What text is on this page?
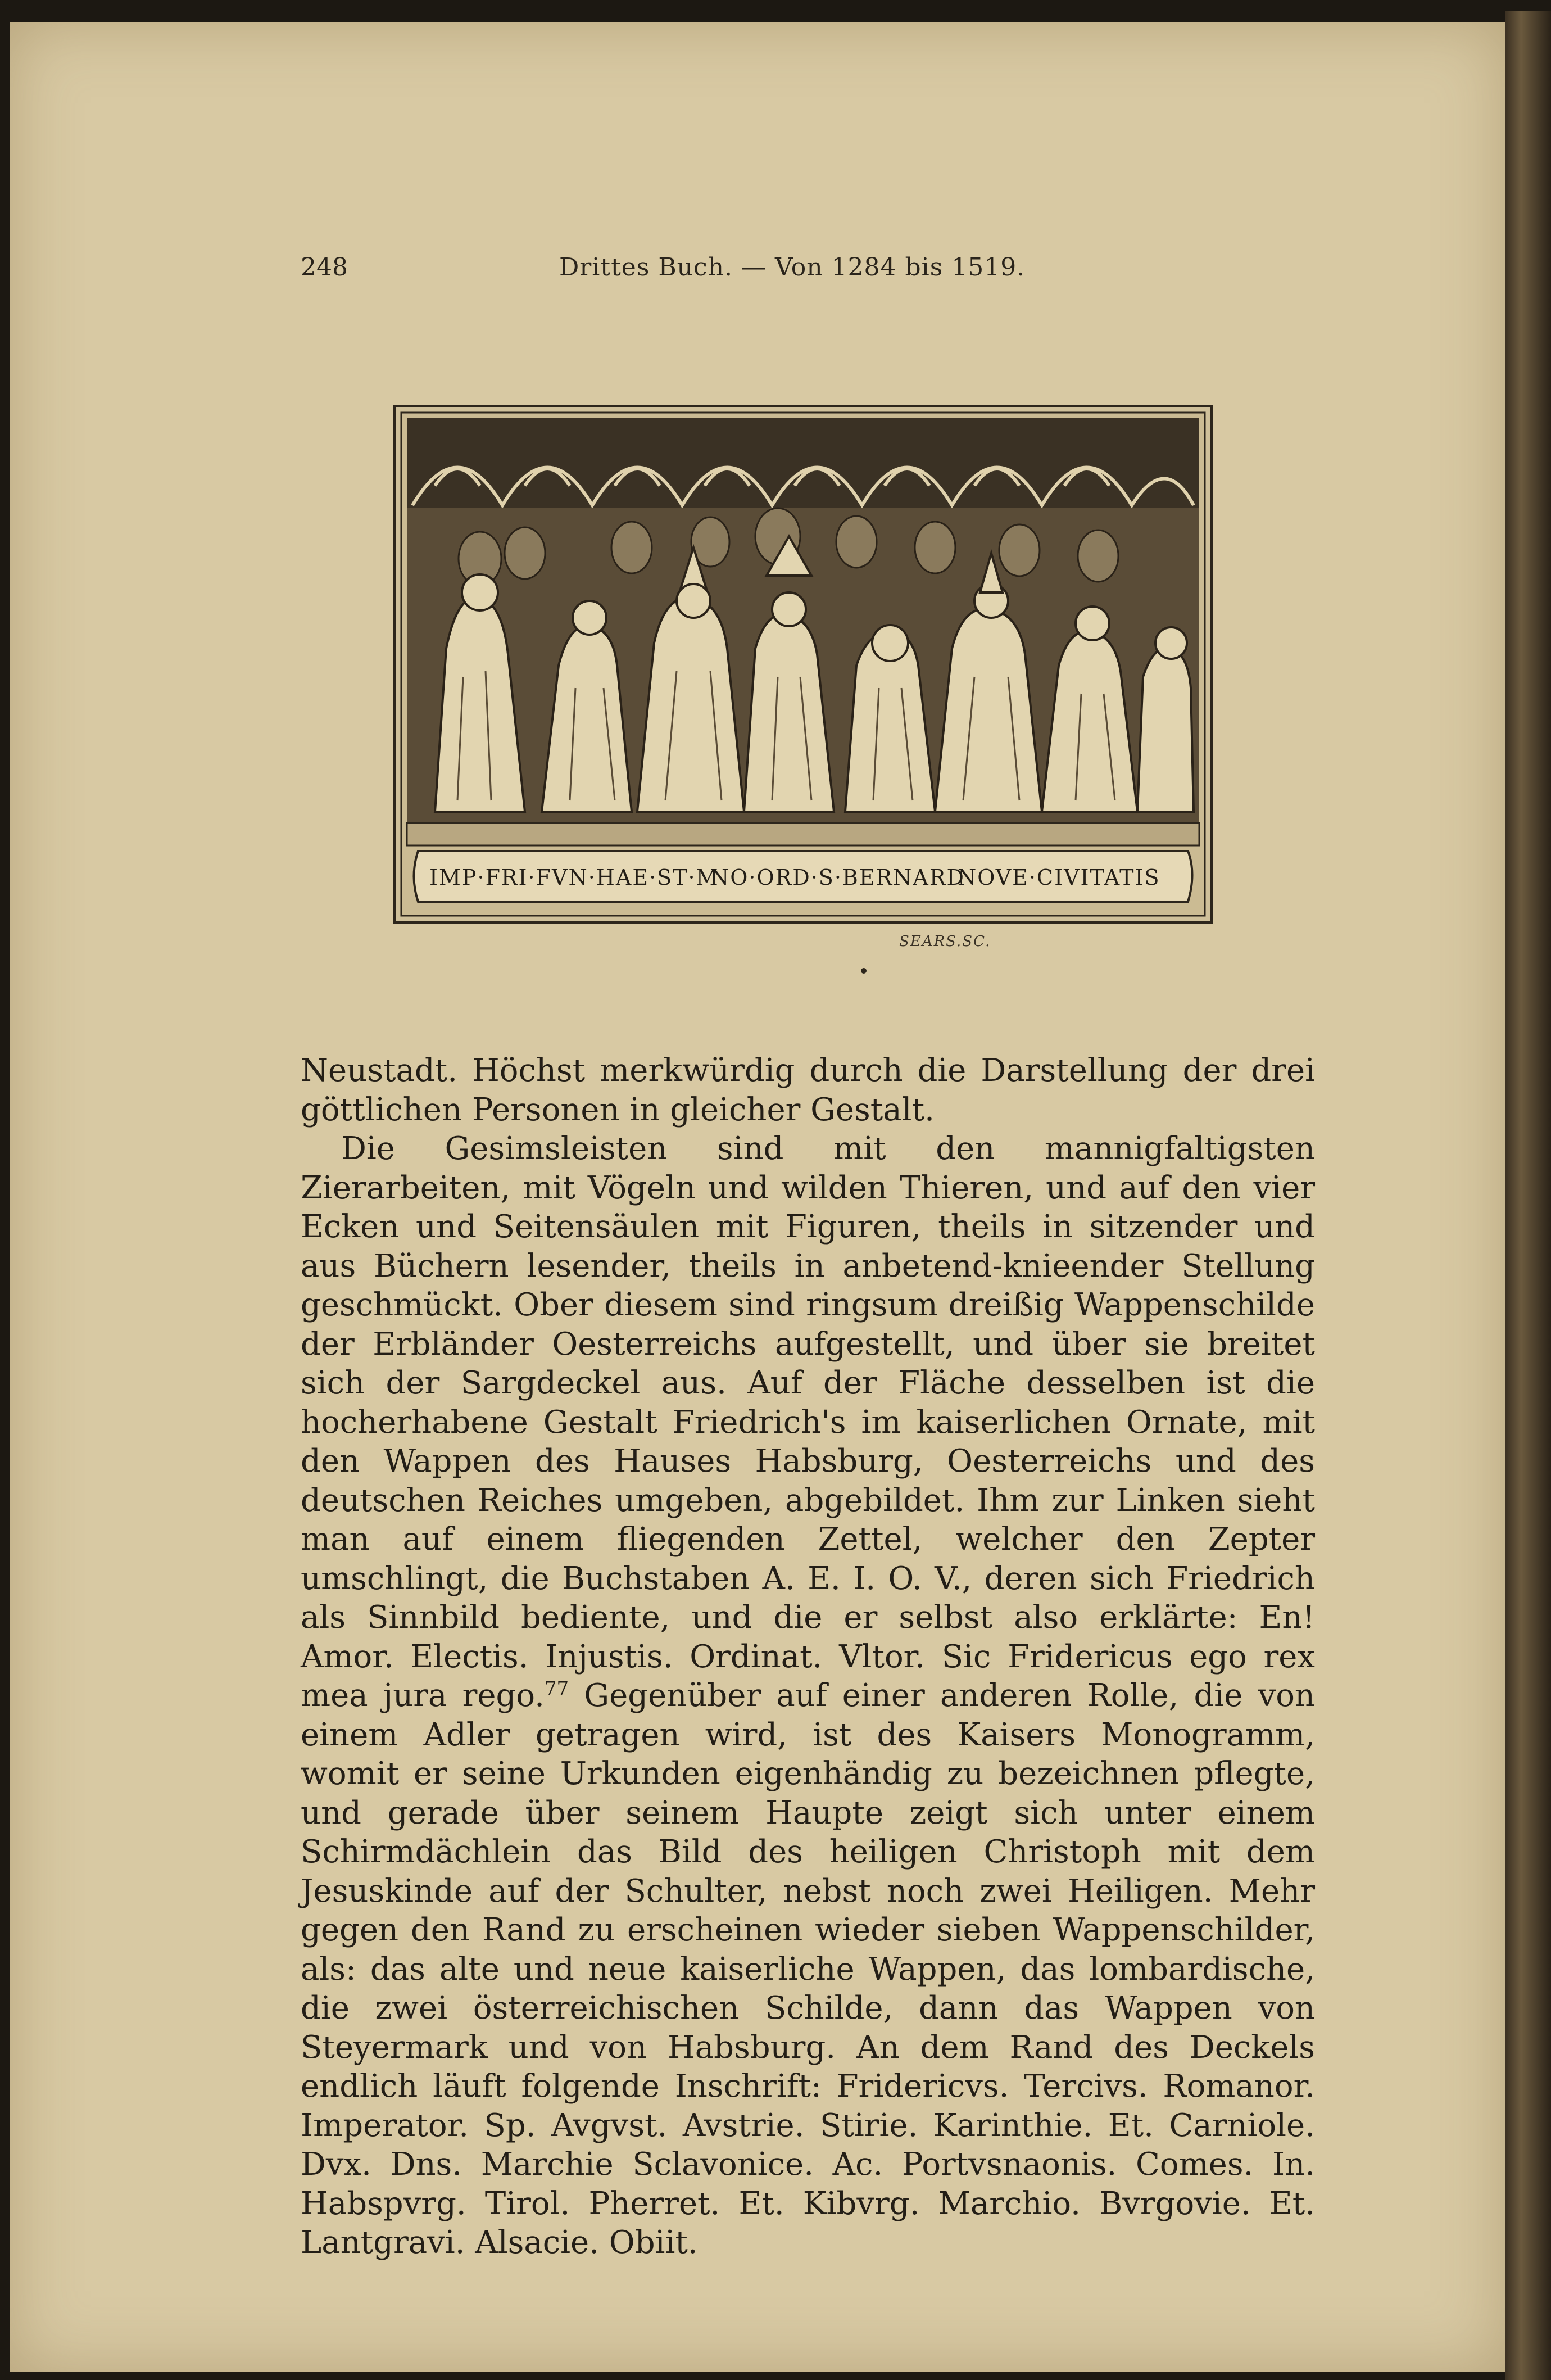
248	Drittes Buch. — Von 1284 bis 1519.
IMP·FRI·FVN·HAE·ST·M
NO·ORD·S·BERNARD
NOVE·CIVITATIS
SEARS.SC.

Neustadt. Höchst merkwürdig durch die Darstellung der drei göttlichen Personen in gleicher Gestalt.

Die Gesimsleisten sind mit den mannigfaltigsten Zierarbeiten, mit Vögeln und wilden Thieren, und auf den vier Ecken und Seitensäulen mit Figuren, theils in sitzender und aus Büchern lesender, theils in anbetend-knieender Stellung geschmückt. Ober diesem sind ringsum dreißig Wappenschilde der Erbländer Oesterreichs aufgestellt, und über sie breitet sich der Sargdeckel aus. Auf der Fläche desselben ist die hocherhabene Gestalt Friedrich's im kaiserlichen Ornate, mit den Wappen des Hauses Habsburg, Oesterreichs und des deutschen Reiches umgeben, abgebildet. Ihm zur Linken sieht man auf einem fliegenden Zettel, welcher den Zepter umschlingt, die Buchstaben A. E. I. O. V., deren sich Friedrich als Sinnbild bediente, und die er selbst also erklärte: En! Amor. Electis. Injustis. Ordinat. Vltor. Sic Fridericus ego rex mea jura rego.$^{77}$ Gegenüber auf einer anderen Rolle, die von einem Adler getragen wird, ist des Kaisers Monogramm, womit er seine Urkunden eigenhändig zu bezeichnen pflegte, und gerade über seinem Haupte zeigt sich unter einem Schirmdächlein das Bild des heiligen Christoph mit dem Jesuskinde auf der Schulter, nebst noch zwei Heiligen. Mehr gegen den Rand zu erscheinen wieder sieben Wappenschilder, als: das alte und neue kaiserliche Wappen, das lombardische, die zwei österreichischen Schilde, dann das Wappen von Steyermark und von Habsburg. An dem Rand des Deckels endlich läuft folgende Inschrift: Fridericvs. Tercivs. Romanor. Imperator. Sp. Avgvst. Avstrie. Stirie. Karinthie. Et. Carniole. Dvx. Dns. Marchie Sclavonice. Ac. Portvsnaonis. Comes. In. Habspvrg. Tirol. Pherret. Et. Kibvrg. Marchio. Bvrgovie. Et. Lantgravi. Alsacie. Obiit.
